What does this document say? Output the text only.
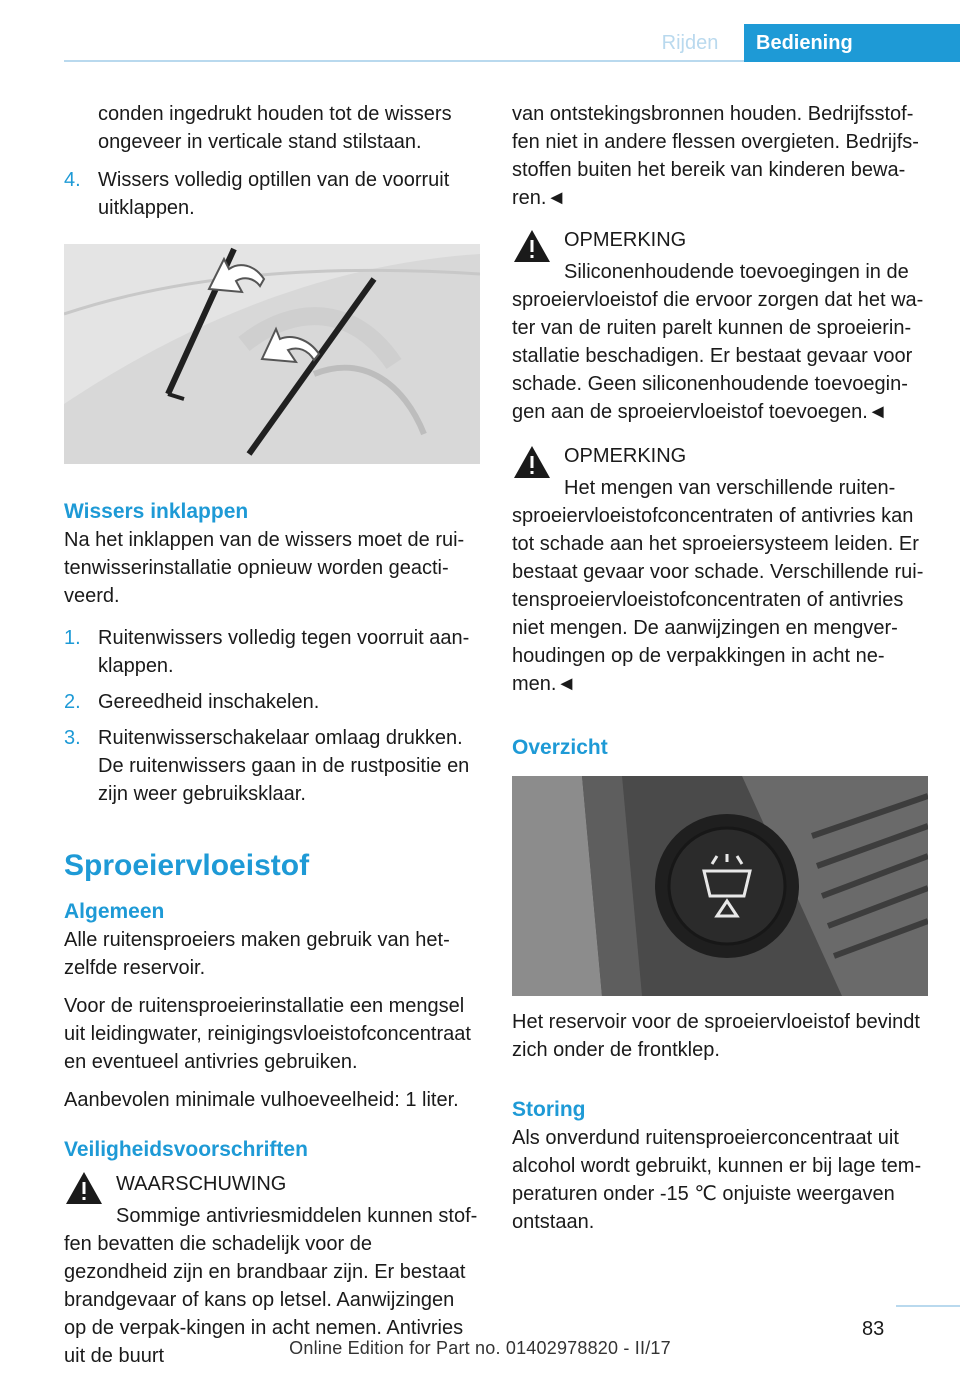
Rijden	Bediening

conden ingedrukt houden tot de wissers ongeveer in verticale stand stilstaan.

4. Wissers volledig optillen van de voorruit uitklappen.
Wissers inklappen

Na het inklappen van de wissers moet de rui-tenwisserinstallatie opnieuw worden geacti-veerd.

1. Ruitenwissers volledig tegen voorruit aan-klappen.
2. Gereedheid inschakelen.
3. Ruitenwisserschakelaar omlaag drukken. De ruitenwissers gaan in de rustpositie en zijn weer gebruiksklaar.
Sproeiervloeistof
Algemeen

Alle ruitensproeiers maken gebruik van het-zelfde reservoir.

Voor de ruitensproeierinstallatie een mengsel uit leidingwater, reinigingsvloeistofconcentraat en eventueel antivries gebruiken.

Aanbevolen minimale vulhoeveelheid: 1 liter.

Veiligheidsvoorschriften

WAARSCHUWING

Sommige antivriesmiddelen kunnen stof-fen bevatten die schadelijk voor de gezondheid zijn en brandbaar zijn. Er bestaat brandgevaar of kans op letsel. Aanwijzingen op de verpak-kingen in acht nemen. Antivries uit de buurt

van ontstekingsbronnen houden. Bedrijfsstof-fen niet in andere flessen overgieten. Bedrijfs-stoffen buiten het bereik van kinderen bewa-ren.◄

OPMERKING

Siliconenhoudende toevoegingen in de sproeiervloeistof die ervoor zorgen dat het wa-ter van de ruiten parelt kunnen de sproeierin-stallatie beschadigen. Er bestaat gevaar voor schade. Geen siliconenhoudende toevoegin-gen aan de sproeiervloeistof toevoegen.◄

OPMERKING

Het mengen van verschillende ruiten-sproeiervloeistofconcentraten of antivries kan tot schade aan het sproeiersysteem leiden. Er bestaat gevaar voor schade. Verschillende rui-tensproeiervloeistofconcentraten of antivries niet mengen. De aanwijzingen en mengver-houdingen op de verpakkingen in acht ne-men.◄

Overzicht

Het reservoir voor de sproeiervloeistof bevindt zich onder de frontklep.

Storing

Als onverdund ruitensproeierconcentraat uit alcohol wordt gebruikt, kunnen er bij lage tem-peraturen onder -15 ℃ onjuiste weergaven ontstaan.

83
Online Edition for Part no. 01402978820 - II/17
